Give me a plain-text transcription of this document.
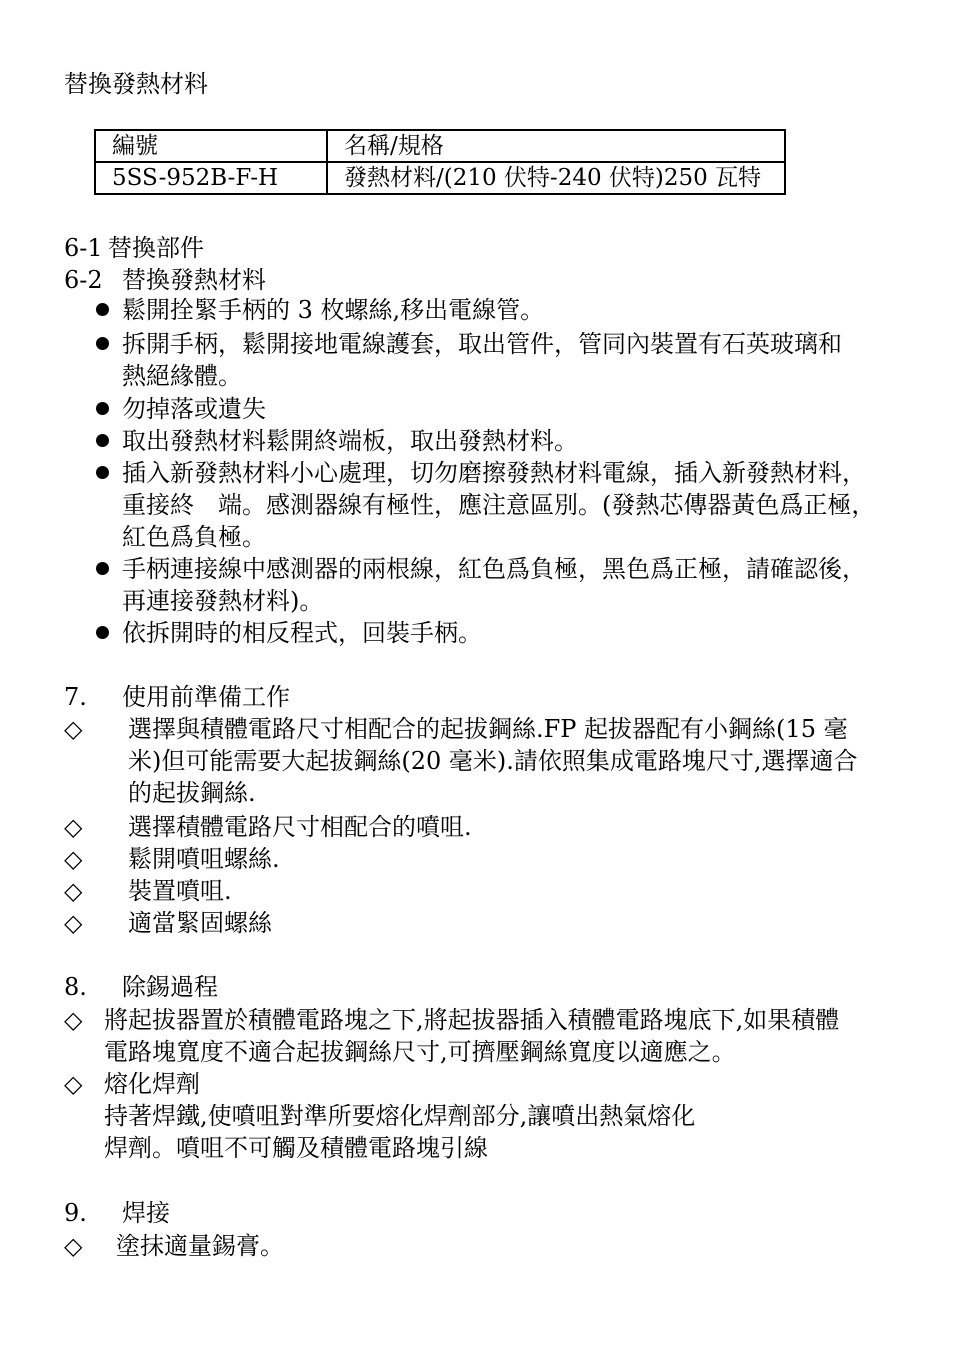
替換發熱材料
編號	名稱/規格
5SS-952B-F-H	發熱材料/(210 伏特-240 伏特)250 瓦特
6-1 替換部件
6-2 替換發熱材料
鬆開拴緊手柄的 3 枚螺絲,移出電線管。
拆開手柄，鬆開接地電線護套，取出管件，管同內裝置有石英玻璃和
熱絕緣體。
勿掉落或遺失
取出發熱材料鬆開終端板，取出發熱材料。
插入新發熱材料小心處理，切勿磨擦發熱材料電線，插入新發熱材料，
重接終　端。感測器線有極性，應注意區別。(發熱芯傳器黃色爲正極，
紅色爲負極。
手柄連接線中感測器的兩根線，紅色爲負極，黑色爲正極，請確認後，
再連接發熱材料)。
依拆開時的相反程式，回裝手柄。
7. 使用前準備工作
◇ 選擇與積體電路尺寸相配合的起拔鋼絲.FP 起拔器配有小鋼絲(15 毫
米)但可能需要大起拔鋼絲(20 毫米).請依照集成電路塊尺寸,選擇適合
的起拔鋼絲.
◇ 選擇積體電路尺寸相配合的噴咀.
◇ 鬆開噴咀螺絲.
◇ 裝置噴咀.
◇ 適當緊固螺絲
8. 除錫過程
◇ 將起拔器置於積體電路塊之下,將起拔器插入積體電路塊底下,如果積體
電路塊寬度不適合起拔鋼絲尺寸,可擠壓鋼絲寬度以適應之。
◇ 熔化焊劑
持著焊鐵,使噴咀對準所要熔化焊劑部分,讓噴出熱氣熔化
焊劑。噴咀不可觸及積體電路塊引線
9. 焊接
◇ 塗抹適量錫膏。
